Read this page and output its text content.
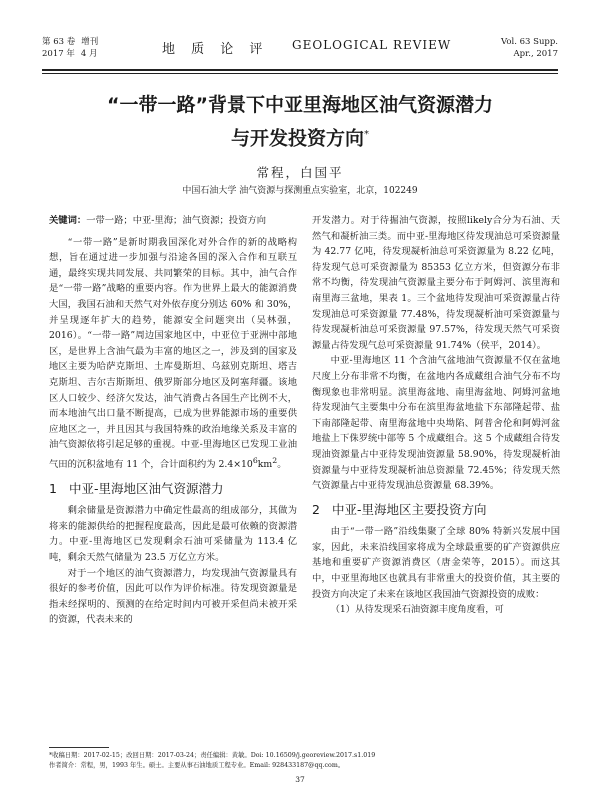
第 63 卷 增刊
2017 年 4 月	地 质 论 评 GEOLOGICAL REVIEW	Vol. 63 Supp.
Apr., 2017
“一带一路”背景下中亚里海地区油气资源潜力
与开发投资方向*
常程，白国平
中国石油大学 油气资源与探测重点实验室，北京，102249

关键词：一带一路；中亚-里海；油气资源；投资方向

“一带一路”是新时期我国深化对外合作的新的战略构想，旨在通过进一步加强与沿途各国的深入合作和互联互通，最终实现共同发展、共同繁荣的目标。其中，油气合作是“一带一路”战略的重要内容。作为世界上最大的能源消费大国，我国石油和天然气对外依存度分别达 60% 和 30%，并呈现逐年扩大的趋势，能源安全问题突出（吴林强，2016）。“一带一路”周边国家地区中，中亚位于亚洲中部地区，是世界上含油气最为丰富的地区之一，涉及到的国家及地区主要为哈萨克斯坦、土库曼斯坦、乌兹别克斯坦、塔吉克斯坦、吉尔吉斯斯坦、俄罗斯部分地区及阿塞拜疆。该地区人口较少、经济欠发达，油气消费占各国生产比例不大，而本地油气出口量不断提高，已成为世界能源市场的重要供应地区之一，并且因其与我国特殊的政治地缘关系及丰富的油气资源依将引起足够的重视。中亚-里海地区已发现工业油气田的沉积盆地有 11 个，合计面积约为 $2.4\times 10^6km^2$。

1 中亚-里海地区油气资源潜力

剩余储量是资源潜力中确定性最高的组成部分，其做为将来的能源供给的把握程度最高，因此是最可依赖的资源潜力。中亚-里海地区已发现剩余石油可采储量为 113.4 亿吨，剩余天然气储量为 23.5 万亿立方米。

对于一个地区的油气资源潜力，均发现油气资源量具有很好的参考价值，因此可以作为评价标准。待发现资源量是指未经探明的、预测的在给定时间内可被开采但尚未被开采的资源，代表未来的

开发潜力。对于待掘油气资源，按照likely合分为石油、天然气和凝析油三类。而中亚-里海地区待发现油总可采资源量为 42.77 亿吨，待发现凝析油总可采资源量为 8.22 亿吨，待发现气总可采资源量为 85353 亿立方米，但资源分布非常不均衡，待发现油气资源量主要分布于阿姆河、滨里海和南里海三盆地，果表 1。三个盆地待发现油可采资源量占待发现油总可采资源量 77.48%，待发现凝析油可采资源量与待发现凝析油总可采资源量 97.57%，待发现天然气可采资源量占待发现气总可采资源量 91.74%（侯平，2014）。

中亚-里海地区 11 个含油气盆地油气资源量不仅在盆地尺度上分布非常不均衡，在盆地内各成藏组合油气分布不均衡现象也非常明显。滨里海盆地、南里海盆地、阿姆河盆地待发现油气主要集中分布在滨里海盆地盐下东部隆起带、盐下南部隆起带、南里海盆地中央坳陷、阿普舍伦和阿姆河盆地盐上下侏罗统中部等 5 个成藏组合。这 5 个成藏组合待发现油资源量占中亚待发现油资源量 58.90%，待发现凝析油资源量与中亚待发现凝析油总资源量 72.45%；待发现天然气资源量占中亚待发现油总资源量 68.39%。

2 中亚-里海地区主要投资方向

由于“一带一路”沿线集聚了全球 80% 特新兴发展中国家，因此，未来沿线国家将成为全球最重要的矿产资源供应基地和重要矿产资源消费区（唐金荣等，2015）。而这其中，中亚里海地区也就具有非常重大的投资价值，其主要的投资方向决定了未来在该地区我国油气资源投资的成败：

（1）从待发现采石油资源丰度角度看，可

*收稿日期：2017-02-15；改回日期：2017-03-24；责任编辑：黄敏。Doi: 10.16509/j.georeview.2017.s1.019
作者简介：常程，男，1993 年生。硕士。主要从事石油地质工程专业。Email: 928433187@qq.com。
37
